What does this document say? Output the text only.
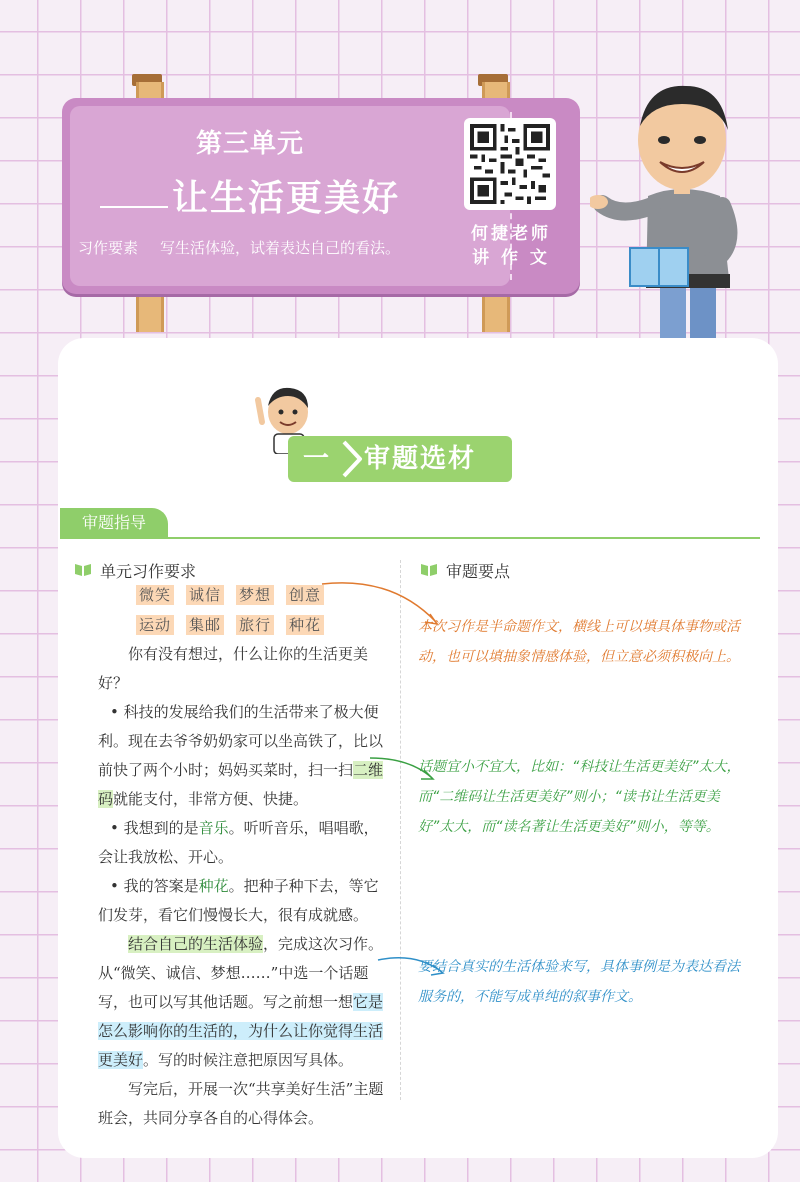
第三单元
让生活更美好
习作要素 写生活体验，试着表达自己的看法。
何捷老师
讲 作 文
一	审题选材
审题指导
单元习作要求
微笑 诚信 梦想 创意
运动 集邮 旅行 种花

你有没有想过，什么让你的生活更美好？

• 科技的发展给我们的生活带来了极大便利。现在去爷爷奶奶家可以坐高铁了，比以前快了两个小时；妈妈买菜时，扫一扫二维码就能支付，非常方便、快捷。

• 我想到的是音乐。听听音乐，唱唱歌，会让我放松、开心。

• 我的答案是种花。把种子种下去，等它们发芽，看它们慢慢长大，很有成就感。

结合自己的生活体验，完成这次习作。从“微笑、诚信、梦想……”中选一个话题写，也可以写其他话题。写之前想一想它是怎么影响你的生活的，为什么让你觉得生活更美好。写的时候注意把原因写具体。

写完后，开展一次“共享美好生活”主题班会，共同分享各自的心得体会。

审题要点
本次习作是半命题作文，横线上可以填具体事物或活动，也可以填抽象情感体验，但立意必须积极向上。
话题宜小不宜大，比如：“科技让生活更美好”太大，而“二维码让生活更美好”则小；“读书让生活更美好”太大，而“读名著让生活更美好”则小，等等。
要结合真实的生活体验来写，具体事例是为表达看法服务的，不能写成单纯的叙事作文。
